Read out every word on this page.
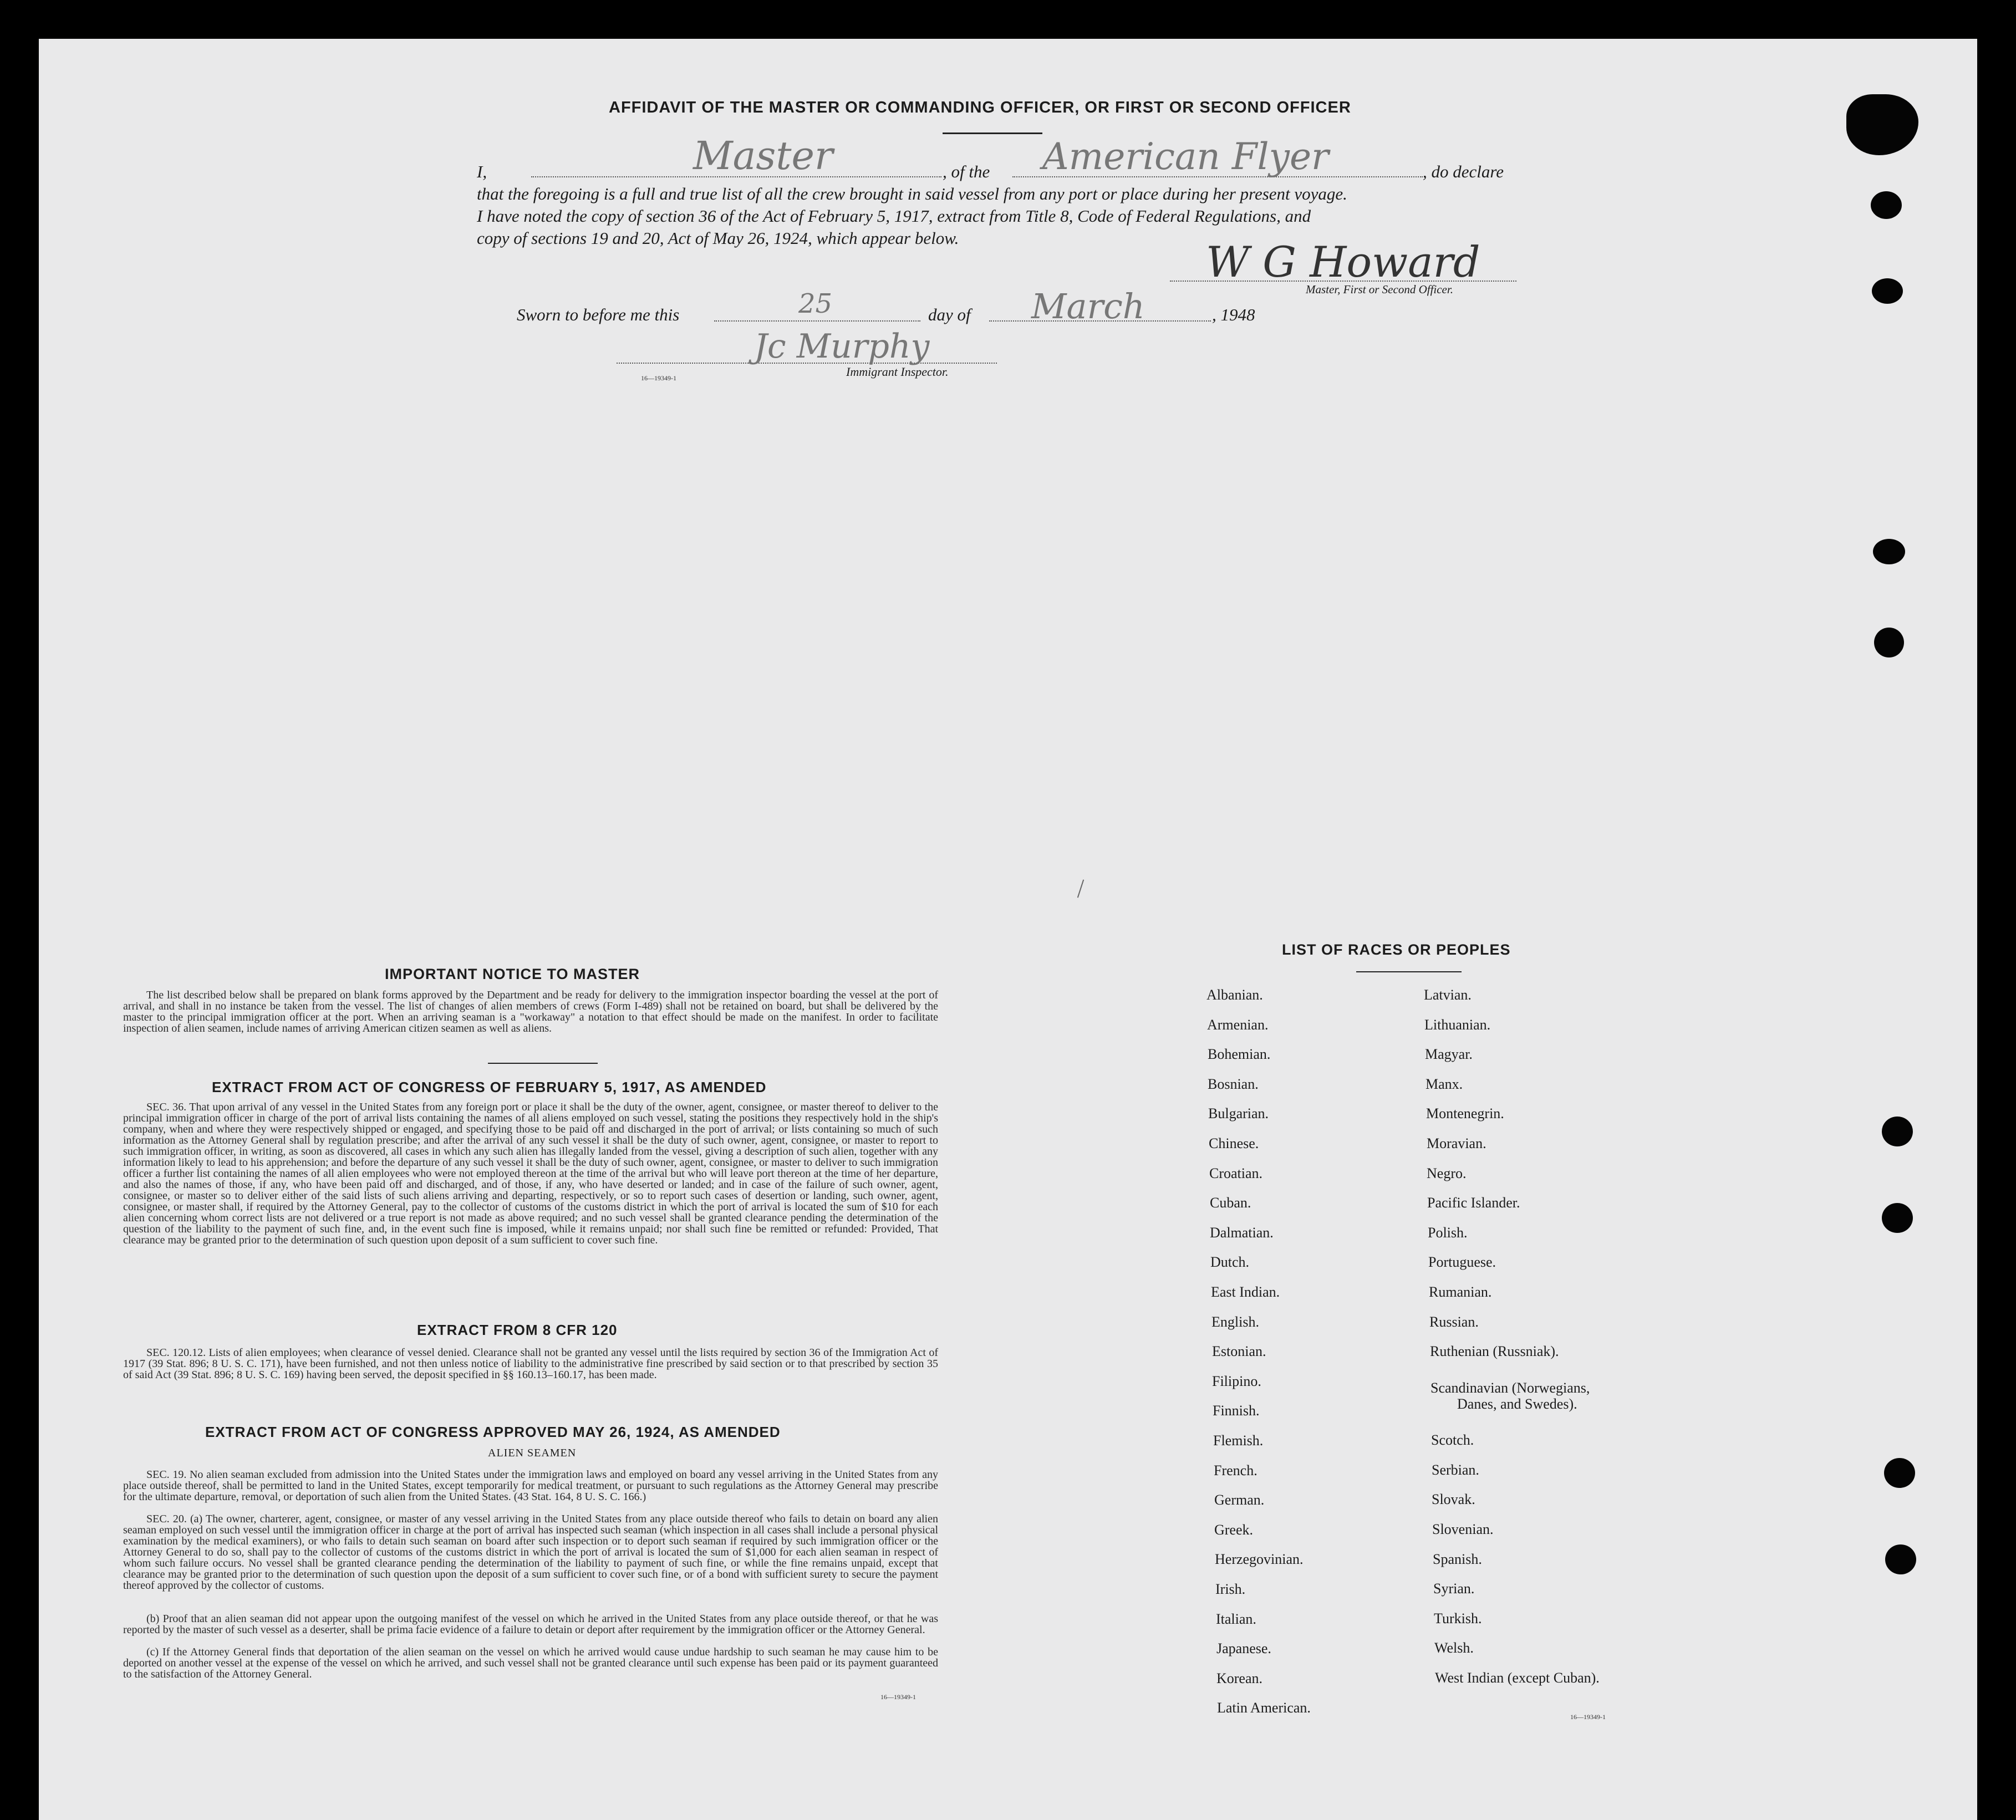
AFFIDAVIT OF THE MASTER OR COMMANDING OFFICER, OR FIRST OR SECOND OFFICER
I,	Master	, of the American Flyer	, do declare
that the foregoing is a full and true list of all the crew brought in said vessel from any port or place during her present voyage.
I have noted the copy of section 36 of the Act of February 5, 1917, extract from Title 8, Code of Federal Regulations, and
copy of sections 19 and 20, Act of May 26, 1924, which appear below.	W G Howard
Master, First or Second Officer.
Sworn to before me this	25	day of March	, 1948
Jc Murphy
Immigrant Inspector.
16—19349-1
IMPORTANT NOTICE TO MASTER
The list described below shall be prepared on blank forms approved by the Department and be ready for delivery to the immigration inspector boarding the vessel at the port of arrival, and shall in no instance be taken from the vessel. The list of changes of alien members of crews (Form I-489) shall not be retained on board, but shall be delivered by the master to the principal immigration officer at the port. When an arriving seaman is a "workaway" a notation to that effect should be made on the manifest. In order to facilitate inspection of alien seamen, include names of arriving American citizen seamen as well as aliens.
EXTRACT FROM ACT OF CONGRESS OF FEBRUARY 5, 1917, AS AMENDED
SEC. 36. That upon arrival of any vessel in the United States from any foreign port or place it shall be the duty of the owner, agent, consignee, or master thereof to deliver to the principal immigration officer in charge of the port of arrival lists containing the names of all aliens employed on such vessel, stating the positions they respectively hold in the ship's company, when and where they were respectively shipped or engaged, and specifying those to be paid off and discharged in the port of arrival; or lists containing so much of such information as the Attorney General shall by regulation prescribe; and after the arrival of any such vessel it shall be the duty of such owner, agent, consignee, or master to report to such immigration officer, in writing, as soon as discovered, all cases in which any such alien has illegally landed from the vessel, giving a description of such alien, together with any information likely to lead to his apprehension; and before the departure of any such vessel it shall be the duty of such owner, agent, consignee, or master to deliver to such immigration officer a further list containing the names of all alien employees who were not employed thereon at the time of the arrival but who will leave port thereon at the time of her departure, and also the names of those, if any, who have been paid off and discharged, and of those, if any, who have deserted or landed; and in case of the failure of such owner, agent, consignee, or master so to deliver either of the said lists of such aliens arriving and departing, respectively, or so to report such cases of desertion or landing, such owner, agent, consignee, or master shall, if required by the Attorney General, pay to the collector of customs of the customs district in which the port of arrival is located the sum of $10 for each alien concerning whom correct lists are not delivered or a true report is not made as above required; and no such vessel shall be granted clearance pending the determination of the question of the liability to the payment of such fine, and, in the event such fine is imposed, while it remains unpaid; nor shall such fine be remitted or refunded: Provided, That clearance may be granted prior to the determination of such question upon deposit of a sum sufficient to cover such fine.
EXTRACT FROM 8 CFR 120
SEC. 120.12. Lists of alien employees; when clearance of vessel denied. Clearance shall not be granted any vessel until the lists required by section 36 of the Immigration Act of 1917 (39 Stat. 896; 8 U. S. C. 171), have been furnished, and not then unless notice of liability to the administrative fine prescribed by said section or to that prescribed by section 35 of said Act (39 Stat. 896; 8 U. S. C. 169) having been served, the deposit specified in §§ 160.13–160.17, has been made.
EXTRACT FROM ACT OF CONGRESS APPROVED MAY 26, 1924, AS AMENDED
ALIEN SEAMEN
SEC. 19. No alien seaman excluded from admission into the United States under the immigration laws and employed on board any vessel arriving in the United States from any place outside thereof, shall be permitted to land in the United States, except temporarily for medical treatment, or pursuant to such regulations as the Attorney General may prescribe for the ultimate departure, removal, or deportation of such alien from the United States. (43 Stat. 164, 8 U. S. C. 166.)
SEC. 20. (a) The owner, charterer, agent, consignee, or master of any vessel arriving in the United States from any place outside thereof who fails to detain on board any alien seaman employed on such vessel until the immigration officer in charge at the port of arrival has inspected such seaman (which inspection in all cases shall include a personal physical examination by the medical examiners), or who fails to detain such seaman on board after such inspection or to deport such seaman if required by such immigration officer or the Attorney General to do so, shall pay to the collector of customs of the customs district in which the port of arrival is located the sum of $1,000 for each alien seaman in respect of whom such failure occurs. No vessel shall be granted clearance pending the determination of the liability to payment of such fine, or while the fine remains unpaid, except that clearance may be granted prior to the determination of such question upon the deposit of a sum sufficient to cover such fine, or of a bond with sufficient surety to secure the payment thereof approved by the collector of customs.
(b) Proof that an alien seaman did not appear upon the outgoing manifest of the vessel on which he arrived in the United States from any place outside thereof, or that he was reported by the master of such vessel as a deserter, shall be prima facie evidence of a failure to detain or deport after requirement by the immigration officer or the Attorney General.
(c) If the Attorney General finds that deportation of the alien seaman on the vessel on which he arrived would cause undue hardship to such seaman he may cause him to be deported on another vessel at the expense of the vessel on which he arrived, and such vessel shall not be granted clearance until such expense has been paid or its payment guaranteed to the satisfaction of the Attorney General.
16—19349-1
LIST OF RACES OR PEOPLES
Albanian.
Armenian.
Bohemian.
Bosnian.
Bulgarian.
Chinese.
Croatian.
Cuban.
Dalmatian.
Dutch.
East Indian.
English.
Estonian.
Filipino.
Finnish.
Flemish.
French.
German.
Greek.
Herzegovinian.
Irish.
Italian.
Japanese.
Korean.
Latin American.
Latvian.
Lithuanian.
Magyar.
Manx.
Montenegrin.
Moravian.
Negro.
Pacific Islander.
Polish.
Portuguese.
Rumanian.
Russian.
Ruthenian (Russniak).
Scandinavian (Norwegians,
Scotch.
Serbian.
Slovak.
Slovenian.
Spanish.
Syrian.
Turkish.
Welsh.
West Indian (except Cuban).
Danes, and Swedes).
16—19349-1
